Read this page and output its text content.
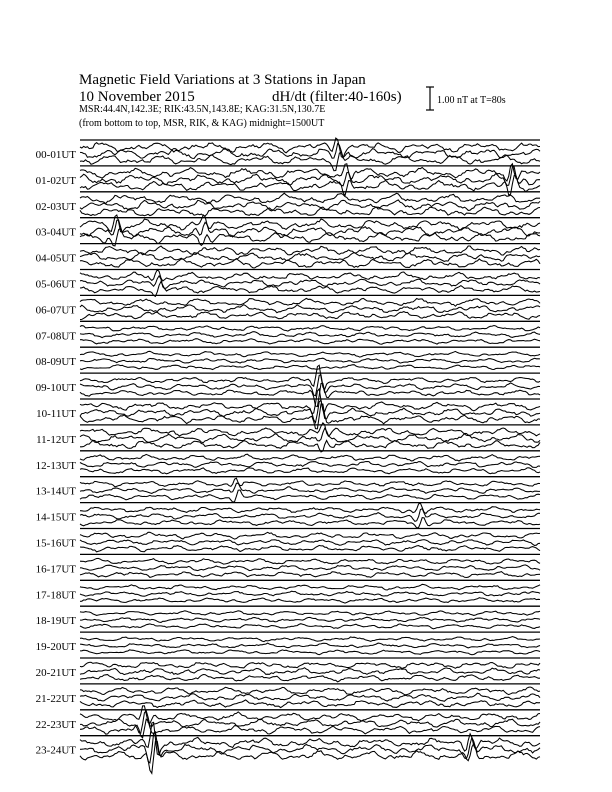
Magnetic Field Variations at 3 Stations in Japan
10 November 2015	dH/dt (filter:40-160s)
MSR:44.4N,142.3E; RIK:43.5N,143.8E; KAG:31.5N,130.7E
(from bottom to top, MSR, RIK, & KAG) midnight=1500UT
1.00 nT at T=80s
00-01UT
01-02UT
02-03UT
03-04UT
04-05UT
05-06UT
06-07UT
07-08UT
08-09UT
09-10UT
10-11UT
11-12UT
12-13UT
13-14UT
14-15UT
15-16UT
16-17UT
17-18UT
18-19UT
19-20UT
20-21UT
21-22UT
22-23UT
23-24UT
